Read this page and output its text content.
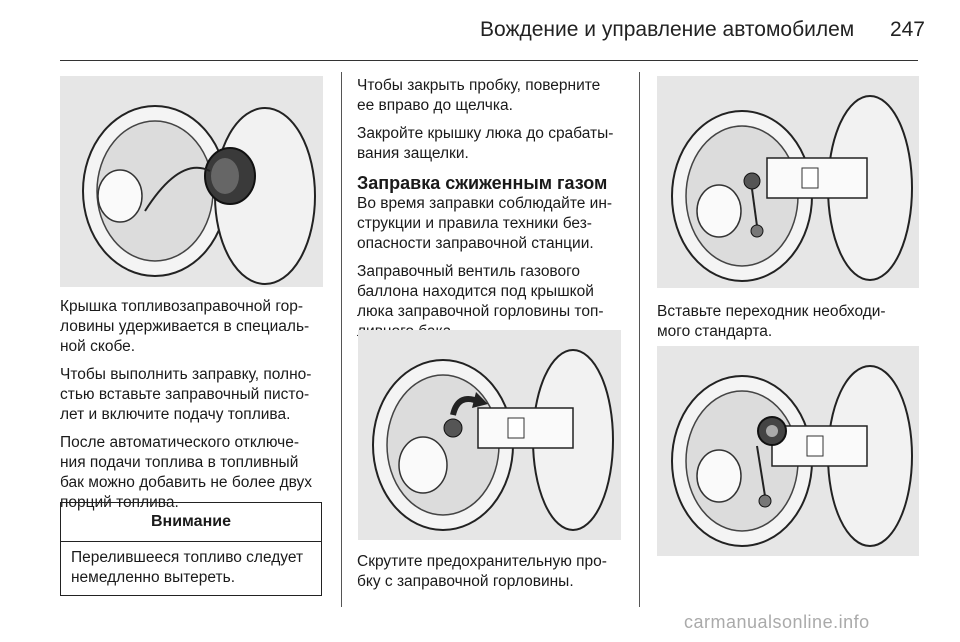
Вождение и управление автомобилем	247

Крышка топливозаправочной гор-
ловины удерживается в специаль-
ной скобе.

Чтобы выполнить заправку, полно-
стью вставьте заправочный писто-
лет и включите подачу топлива.

После автоматического отключе-
ния подачи топлива в топливный
бак можно добавить не более двух
порций топлива.

Внимание
Перелившееся топливо следует
немедленно вытереть.

Чтобы закрыть пробку, поверните
ее вправо до щелчка.

Закройте крышку люка до срабаты-
вания защелки.

Заправка сжиженным газом

Во время заправки соблюдайте ин-
струкции и правила техники без-
опасности заправочной станции.

Заправочный вентиль газового
баллона находится под крышкой
люка заправочной горловины топ-

Скрутите предохранительную про-
бку с заправочной горловины.

Вставьте переходник необходи-
мого стандарта.

carmanualsonline.info
